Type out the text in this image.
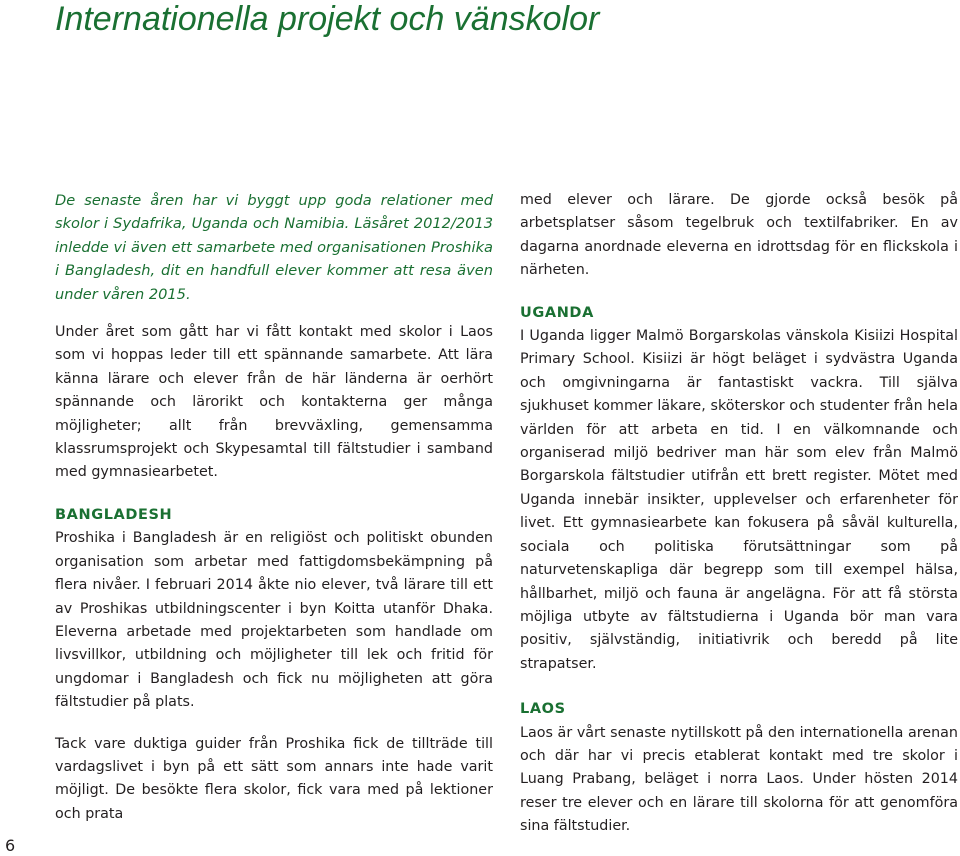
Internationella projekt och vänskolor

De senaste åren har vi byggt upp goda relationer med skolor i Sydafrika, Uganda och Namibia. Läsåret 2012/2013 inledde vi även ett samarbete med organisationen Proshika i Bangladesh, dit en handfull elever kommer att resa även under våren 2015.

Under året som gått har vi fått kontakt med skolor i Laos som vi hoppas leder till ett spännande samarbete. Att lära känna lärare och elever från de här länderna är oerhört spännande och lärorikt och kontakterna ger många möjligheter; allt från brevväxling, gemensamma klassrumsprojekt och Skypesamtal till fältstudier i samband med gymnasiearbetet.

BANGLADESH

Proshika i Bangladesh är en religiöst och politiskt obunden organisation som arbetar med fattigdomsbekämpning på flera nivåer. I februari 2014 åkte nio elever, två lärare till ett av Proshikas utbildningscenter i byn Koitta utanför Dhaka. Eleverna arbetade med projektarbeten som handlade om livsvillkor, utbildning och möjligheter till lek och fritid för ungdomar i Bangladesh och fick nu möjligheten att göra fältstudier på plats.

Tack vare duktiga guider från Proshika fick de tillträde till vardagslivet i byn på ett sätt som annars inte hade varit möjligt. De besökte flera skolor, fick vara med på lektioner och prata

med elever och lärare. De gjorde också besök på arbetsplatser såsom tegelbruk och textilfabriker. En av dagarna anordnade eleverna en idrottsdag för en flickskola i närheten.

UGANDA

I Uganda ligger Malmö Borgarskolas vänskola Kisiizi Hospital Primary School. Kisiizi är högt beläget i sydvästra Uganda och omgivningarna är fantastiskt vackra. Till själva sjukhuset kommer läkare, sköterskor och studenter från hela världen för att arbeta en tid. I en välkomnande och organiserad miljö bedriver man här som elev från Malmö Borgarskola fältstudier utifrån ett brett register. Mötet med Uganda innebär insikter, upplevelser och erfarenheter för livet. Ett gymnasiearbete kan fokusera på såväl kulturella, sociala och politiska förutsättningar som på naturvetenskapliga där begrepp som till exempel hälsa, hållbarhet, miljö och fauna är angelägna. För att få största möjliga utbyte av fältstudierna i Uganda bör man vara positiv, självständig, initiativrik och beredd på lite strapatser.

LAOS

Laos är vårt senaste nytillskott på den internationella arenan och där har vi precis etablerat kontakt med tre skolor i Luang Prabang, beläget i norra Laos. Under hösten 2014 reser tre elever och en lärare till skolorna för att genomföra sina fältstudier.

6
